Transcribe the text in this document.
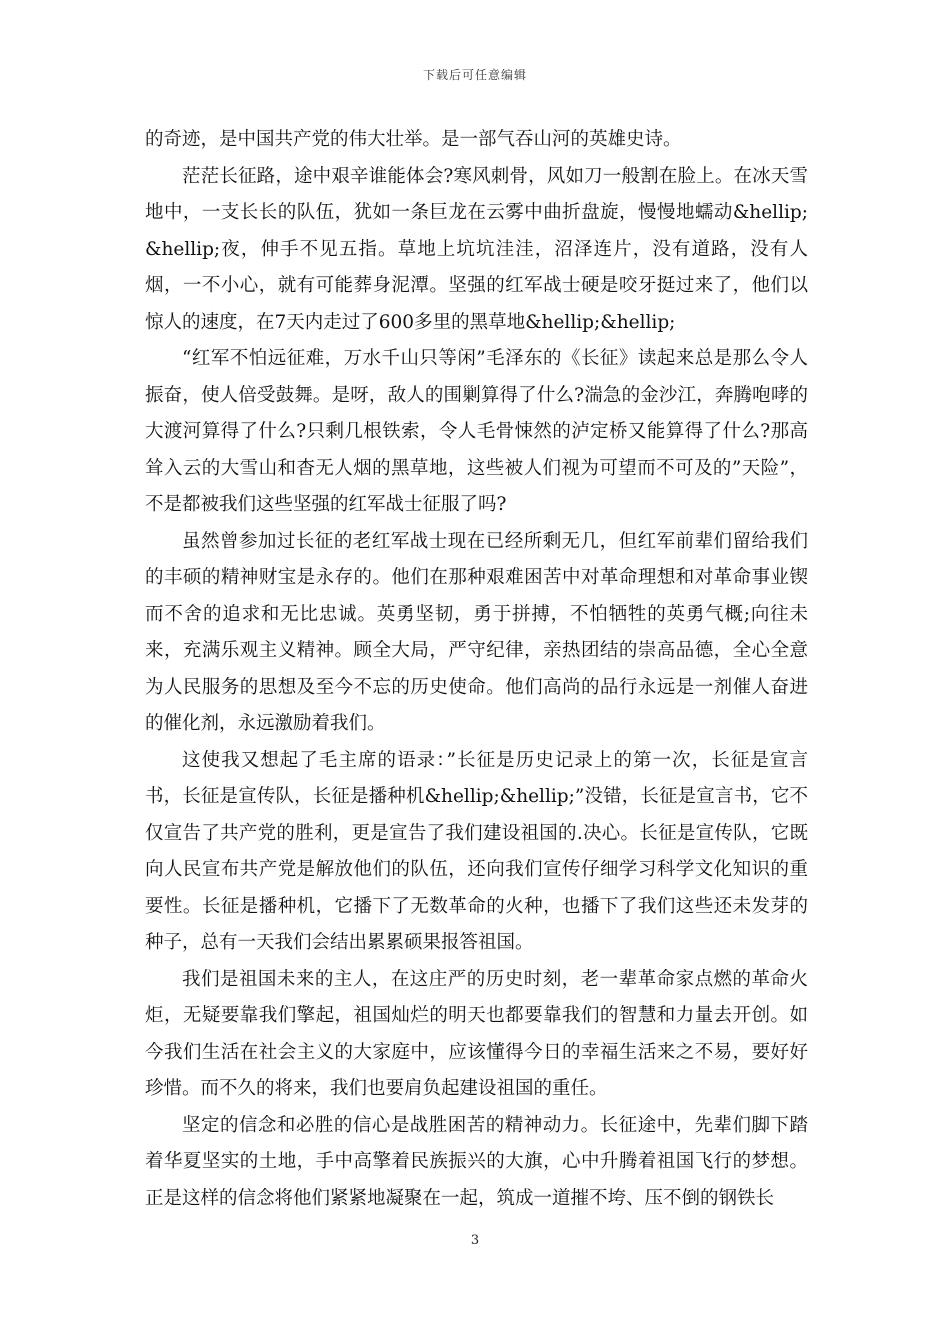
下载后可任意编辑

的奇迹，是中国共产党的伟大壮举。是一部气吞山河的英雄史诗。

茫茫长征路，途中艰辛谁能体会?寒风刺骨，风如刀一般割在脸上。在冰天雪地中，一支长长的队伍，犹如一条巨龙在云雾中曲折盘旋，慢慢地蠕动&hellip;&hellip;夜，伸手不见五指。草地上坑坑洼洼，沼泽连片，没有道路，没有人烟，一不小心，就有可能葬身泥潭。坚强的红军战士硬是咬牙挺过来了，他们以惊人的速度，在7天内走过了600多里的黑草地&hellip;&hellip;

“红军不怕远征难，万水千山只等闲”毛泽东的《长征》读起来总是那么令人振奋，使人倍受鼓舞。是呀，敌人的围剿算得了什么?湍急的金沙江，奔腾咆哮的大渡河算得了什么?只剩几根铁索，令人毛骨悚然的泸定桥又能算得了什么?那高耸入云的大雪山和杳无人烟的黑草地，这些被人们视为可望而不可及的”天险”，不是都被我们这些坚强的红军战士征服了吗?

虽然曾参加过长征的老红军战士现在已经所剩无几，但红军前辈们留给我们的丰硕的精神财宝是永存的。他们在那种艰难困苦中对革命理想和对革命事业锲而不舍的追求和无比忠诚。英勇坚韧，勇于拼搏，不怕牺牲的英勇气概;向往未来，充满乐观主义精神。顾全大局，严守纪律，亲热团结的崇高品德，全心全意为人民服务的思想及至今不忘的历史使命。他们高尚的品行永远是一剂催人奋进的催化剂，永远激励着我们。

这使我又想起了毛主席的语录：”长征是历史记录上的第一次，长征是宣言书，长征是宣传队，长征是播种机&hellip;&hellip;”没错，长征是宣言书，它不仅宣告了共产党的胜利，更是宣告了我们建设祖国的.决心。长征是宣传队，它既向人民宣布共产党是解放他们的队伍，还向我们宣传仔细学习科学文化知识的重要性。长征是播种机，它播下了无数革命的火种，也播下了我们这些还未发芽的种子，总有一天我们会结出累累硕果报答祖国。

我们是祖国未来的主人，在这庄严的历史时刻，老一辈革命家点燃的革命火炬，无疑要靠我们擎起，祖国灿烂的明天也都要靠我们的智慧和力量去开创。如今我们生活在社会主义的大家庭中，应该懂得今日的幸福生活来之不易，要好好珍惜。而不久的将来，我们也要肩负起建设祖国的重任。

坚定的信念和必胜的信心是战胜困苦的精神动力。长征途中，先辈们脚下踏着华夏坚实的土地，手中高擎着民族振兴的大旗，心中升腾着祖国飞行的梦想。正是这样的信念将他们紧紧地凝聚在一起，筑成一道摧不垮、压不倒的钢铁长

3
